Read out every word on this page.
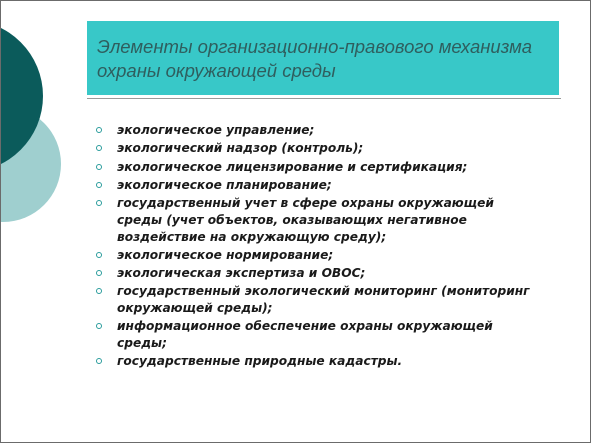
Элементы организационно-правового механизма охраны окружающей среды
экологическое управление;
экологический надзор (контроль);
экологическое лицензирование и сертификация;
экологическое планирование;
государственный учет в сфере охраны окружающей среды (учет объектов, оказывающих негативное воздействие на окружающую среду);
экологическое нормирование;
экологическая экспертиза и ОВОС;
государственный экологический мониторинг (мониторинг окружающей среды);
информационное обеспечение охраны окружающей среды;
государственные природные кадастры.
